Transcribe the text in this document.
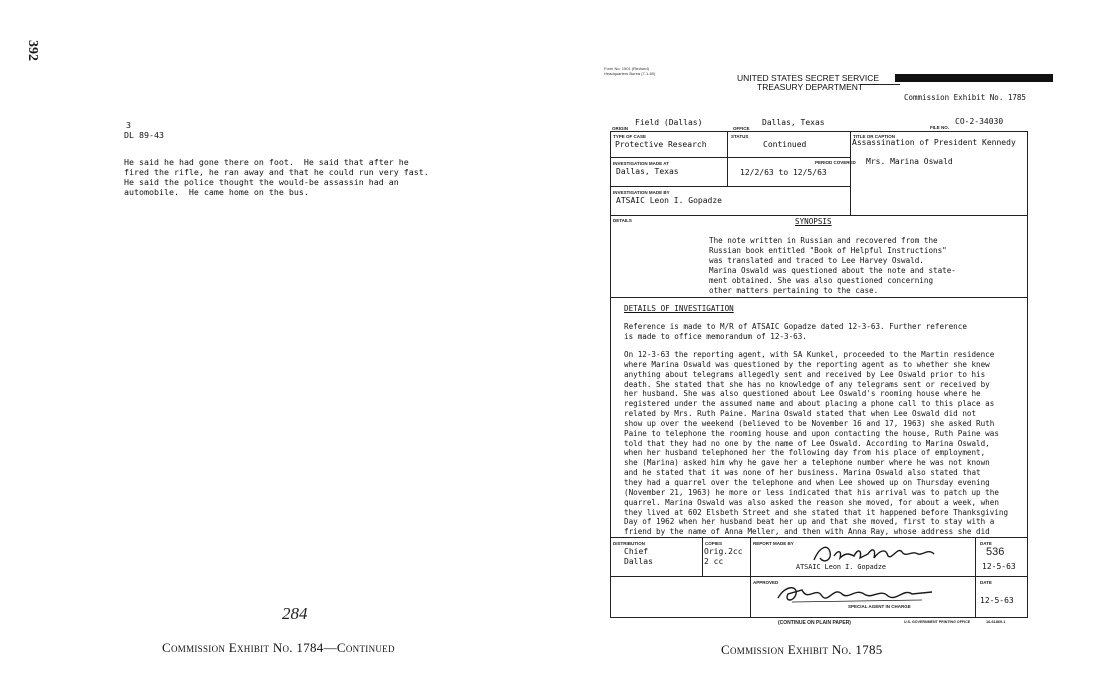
392
3
DL 89-43
He said he had gone there on foot.  He said that after he
fired the rifle, he ran away and that he could run very fast.
He said the police thought the would-be assassin had an
automobile.  He came home on the bus.
284
Commission Exhibit No. 1784—Continued
Form No. 1501 (Revised) Headquarters Burea (7-1-60)	UNITED STATES SECRET SERVICE
TREASURY DEPARTMENT
Commission Exhibit No. 1785
ORIGIN
Field (Dallas)
OFFICE
Dallas, Texas
FILE NO.
CO-2-34030
TYPE OF CASE
Protective Research
STATUS
Continued
TITLE OR CAPTION
Assassination of President Kennedy
Mrs. Marina Oswald
INVESTIGATION MADE AT
Dallas, Texas
PERIOD COVERED
12/2/63 to 12/5/63
INVESTIGATION MADE BY
ATSAIC Leon I. Gopadze
DETAILS	SYNOPSIS
The note written in Russian and recovered from the
Russian book entitled "Book of Helpful Instructions"
was translated and traced to Lee Harvey Oswald.
Marina Oswald was questioned about the note and state-
ment obtained. She was also questioned concerning
other matters pertaining to the case.
DETAILS OF INVESTIGATION
Reference is made to M/R of ATSAIC Gopadze dated 12-3-63. Further reference
is made to office memorandum of 12-3-63.
On 12-3-63 the reporting agent, with SA Kunkel, proceeded to the Martin residence
where Marina Oswald was questioned by the reporting agent as to whether she knew
anything about telegrams allegedly sent and received by Lee Oswald prior to his
death. She stated that she has no knowledge of any telegrams sent or received by
her husband. She was also questioned about Lee Oswald's rooming house where he
registered under the assumed name and about placing a phone call to this place as
related by Mrs. Ruth Paine. Marina Oswald stated that when Lee Oswald did not
show up over the weekend (believed to be November 16 and 17, 1963) she asked Ruth
Paine to telephone the rooming house and upon contacting the house, Ruth Paine was
told that they had no one by the name of Lee Oswald. According to Marina Oswald,
when her husband telephoned her the following day from his place of employment,
she (Marina) asked him why he gave her a telephone number where he was not known
and he stated that it was none of her business. Marina Oswald also stated that
they had a quarrel over the telephone and when Lee showed up on Thursday evening
(November 21, 1963) he more or less indicated that his arrival was to patch up the
quarrel. Marina Oswald was also asked the reason she moved, for about a week, when
they lived at 602 Elsbeth Street and she stated that it happened before Thanksgiving
Day of 1962 when her husband beat her up and that she moved, first to stay with a
friend by the name of Anna Meller, and then with Anna Ray, whose address she did
DISTRIBUTION
Chief
Dallas
COPIES
Orig.2cc
2 cc
REPORT MADE BY
ATSAIC Leon I. Gopadze
DATE
536
12-5-63
APPROVED
SPECIAL AGENT IN CHARGE
DATE
12-5-63
(CONTINUE ON PLAIN PAPER)	U.S. GOVERNMENT PRINTING OFFICE	16-61869-1
Commission Exhibit No. 1785
